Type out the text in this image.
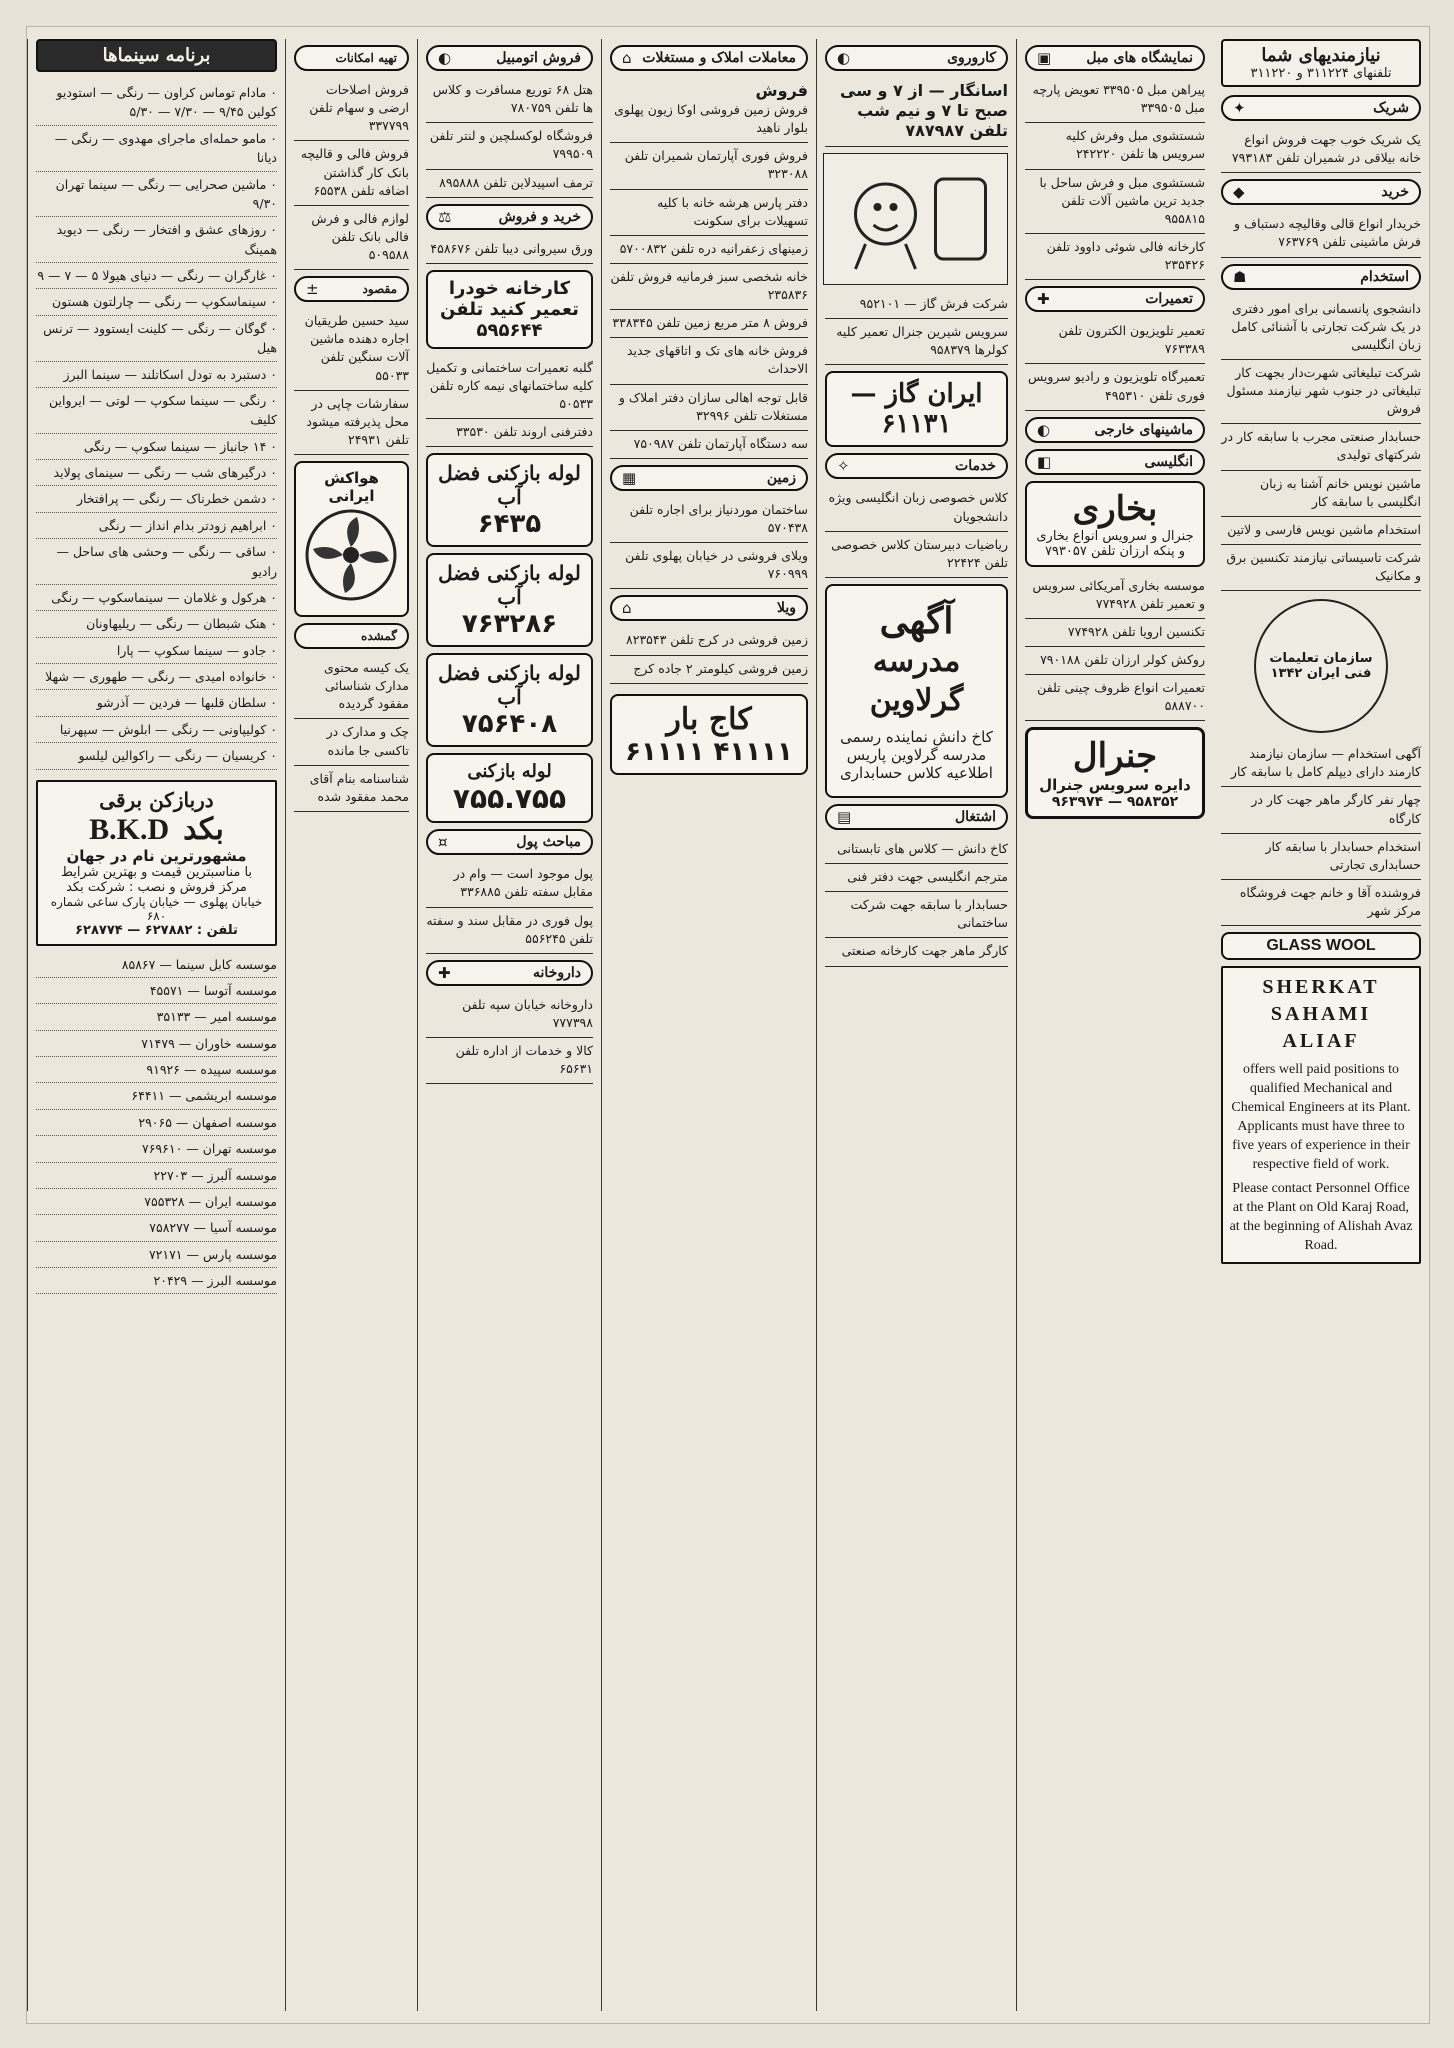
نیازمندیهای شما
تلفنهای ۳۱۱۲۲۴ و ۳۱۱۲۲۰
شریک
✦
یک شریک خوب جهت فروش انواع خانه بیلاقی در شمیران تلفن ۷۹۳۱۸۳
خرید
◆
خریدار انواع قالی وقالیچه دستباف و فرش ماشینی تلفن ۷۶۳۷۶۹
استخدام
☗
دانشجوی پانسمانی برای امور دفتری در یک شرکت تجارتی با آشنائی کامل زبان انگلیسی
شرکت تبلیغاتی شهرت‌دار بجهت کار تبلیغاتی در جنوب شهر نیازمند مسئول فروش
حسابدار صنعتی مجرب با سابقه کار در شرکتهای تولیدی
ماشین نویس خانم آشنا به زبان انگلیسی با سابقه کار
استخدام ماشین نویس فارسی و لاتین
شرکت تاسیساتی نیازمند تکنسین برق و مکانیک
سازمان تعلیمات فنی ایران ۱۳۴۲
آگهی استخدام — سازمان نیازمند کارمند دارای دیپلم کامل با سابقه کار
چهار نفر کارگر ماهر جهت کار در کارگاه
استخدام حسابدار با سابقه کار حسابداری تجارتی
فروشنده آقا و خانم جهت فروشگاه مرکز شهر
GLASS WOOL
SHERKAT
SAHAMI
ALIAF
offers well paid positions to qualified Mechanical and Chemical Engineers at its Plant. Applicants must have three to five years of experience in their respective field of work.
Please contact Personnel Office at the Plant on Old Karaj Road, at the beginning of Alishah Avaz Road.
نمایشگاه های مبل
▣
پیراهن مبل ۳۳۹۵۰۵ تعویض پارچه مبل ۳۳۹۵۰۵
شستشوی مبل وفرش کلیه سرویس ها تلفن ۲۴۲۲۲۰
شستشوی مبل و فرش ساحل با جدید ترین ماشین آلات تلفن ۹۵۵۸۱۵
کارخانه فالی شوئی داوود تلفن ۲۳۵۴۲۶
تعمیرات
✚
تعمیر تلویزیون الکترون تلفن ۷۶۳۳۸۹
تعمیرگاه تلویزیون و رادیو سرویس فوری تلفن ۴۹۵۳۱۰
ماشینهای خارجی
◐
انگلیسی
◧
بخاری
جنرال و سرویس انواع بخاری و پنکه ارزان تلفن ۷۹۳۰۵۷
موسسه بخاری آمریکائی سرویس و تعمیر تلفن ۷۷۴۹۲۸
تکنسین ارویا تلفن ۷۷۴۹۲۸
روکش کولر ارزان تلفن ۷۹۰۱۸۸
تعمیرات انواع ظروف چینی تلفن ۵۸۸۷۰۰
جنرال
دایره سرویس جنرال
۹۵۸۳۵۲ — ۹۶۳۹۷۴
کاروروی
◐
اسانگار — از ۷ و سی صبح تا ۷ و نیم شب تلفن ۷۸۷۹۸۷
شرکت فرش گاز — ۹۵۲۱۰۱
سرویس شیرین جنرال تعمیر کلیه کولرها ۹۵۸۳۷۹
ایران گاز — ۶۱۱۳۱
خدمات
✧
کلاس خصوصی زبان انگلیسی ویژه دانشجویان
ریاضیات دبیرستان کلاس خصوصی تلفن ۲۲۴۲۴
آگهی
مدرسه گرلاوین
کاخ دانش نماینده رسمی مدرسه گرلاوین پاریس اطلاعیه کلاس حسابداری
اشتغال
▤
کاخ دانش — کلاس های تابستانی
مترجم انگلیسی جهت دفتر فنی
حسابدار با سابقه جهت شرکت ساختمانی
کارگر ماهر جهت کارخانه صنعتی
معاملات املاک و مستغلات
⌂
فروش
فروش زمین فروشی اوکا زیون پهلوی بلوار ناهید
فروش فوری آپارتمان شمیران تلفن ۳۲۳۰۸۸
دفتر پارس هرشه خانه با کلیه تسهیلات برای سکونت
زمینهای زعفرانیه دره تلفن ۵۷۰۰۸۳۲
خانه شخصی سبز فرمانیه فروش تلفن ۲۳۵۸۳۶
فروش ۸ متر مربع زمین تلفن ۳۳۸۳۴۵
فروش خانه های تک و اتاقهای جدید الاحداث
قابل توجه اهالی سازان دفتر املاک و مستغلات تلفن ۳۲۹۹۶
سه دستگاه آپارتمان تلفن ۷۵۰۹۸۷
زمین
▦
ساختمان موردنیاز برای اجاره تلفن ۵۷۰۴۳۸
ویلای فروشی در خیابان پهلوی تلفن ۷۶۰۹۹۹
ویلا
⌂
زمین فروشی در کرج تلفن ۸۲۳۵۴۳
زمین فروشی کیلومتر ۲ جاده کرج
کاج بار
۴۱۱۱۱ ۶۱۱۱۱
فروش اتومبیل
◐
هتل ۶۸ توریع مسافرت و کلاس ها تلفن ۷۸۰۷۵۹
فروشگاه لوکسلچین و لنتر تلفن ۷۹۹۵۰۹
ترمف اسپیدلاین تلفن ۸۹۵۸۸۸
خرید و فروش
⚖
ورق سیروانی دیبا تلفن ۴۵۸۶۷۶
کارخانه خودرا تعمیر کنید تلفن ۵۹۵۶۴۴
گلبه تعمیرات ساختمانی و تکمیل کلیه ساختمانهای نیمه کاره تلفن ۵۰۵۳۳
دفترفنی اروند تلفن ۳۳۵۳۰
لوله بازکنی فضل آب
۶۴۳۵
لوله بازکنی فضل آب
۷۶۳۲۸۶
لوله بازکنی فضل آب
۷۵۶۴۰۸
لوله بازکنی
۷۵۵.۷۵۵
مباحث پول
¤
پول موجود است — وام در مقابل سفته تلفن ۳۳۶۸۸۵
پول فوری در مقابل سند و سفته تلفن ۵۵۶۲۴۵
داروخانه
✚
داروخانه خیابان سپه تلفن ۷۷۷۳۹۸
کالا و خدمات از اداره تلفن ۶۵۶۳۱
تهیه امکانات
فروش اصلاحات ارضی و سهام تلفن ۳۳۷۷۹۹
فروش فالی و قالیچه بانک کار گذاشتن اضافه تلفن ۶۵۵۳۸
لوازم فالی و فرش فالی بانک تلفن ۵۰۹۵۸۸
مقصود
±
سید حسین طریقیان اجاره دهنده ماشین آلات سنگین تلفن ۵۵۰۳۳
سفارشات چاپی در محل پذیرفته میشود تلفن ۲۴۹۳۱
هواکش ایرانی
گمشده
یک کیسه محتوی مدارک شناسائی مفقود گردیده
چک و مدارک در تاکسی جا مانده
شناسنامه بنام آقای محمد مفقود شده
برنامه سینماها
۰ مادام توماس کراون — رنگی — استودیو کولین ۹/۴۵ — ۷/۳۰ — ۵/۳۰
۰ مامو حمله‌ای ماجرای مهدوی — رنگی — دیانا
۰ ماشین صحرایی — رنگی — سینما تهران ۹/۳۰
۰ روزهای عشق و افتخار — رنگی — دیوید همینگ
۰ غارگران — رنگی — دنیای هیولا ۵ — ۷ — ۹
۰ سینماسکوپ — رنگی — چارلتون هستون
۰ گوگان — رنگی — کلینت ایستوود — ترنس هیل
۰ دستبرد به تودل اسکاتلند — سینما البرز
۰ رنگی — سینما سکوپ — لوتی — ایرواین کلیف
۰ ۱۴ جانباز — سینما سکوپ — رنگی
۰ درگیرهای شب — رنگی — سینمای پولاید
۰ دشمن خطرناک — رنگی — پرافتخار
۰ ابراهیم زودتر بدام انداز — رنگی
۰ ساقی — رنگی — وحشی های ساحل — رادیو
۰ هرکول و غلامان — سینماسکوپ — رنگی
۰ هنک شبطان — رنگی — ریلیهاونان
۰ جادو — سینما سکوپ — پارا
۰ خانواده امیدی — رنگی — طهوری — شهلا
۰ سلطان قلبها — فردین — آذرشو
۰ کولیپاونی — رنگی — ابلوش — سپهرنیا
۰ کریسیان — رنگی — راکوالین لیلسو
دربازکن برقی
بکد
B.K.D
مشهورترین نام در جهان
با مناسبترین قیمت و بهترین شرایط
مرکز فروش و نصب : شرکت بکد
خیابان پهلوی — خیابان پارک ساعی شماره ۶۸۰
تلفن : ۶۲۷۸۸۲ — ۶۲۸۷۷۴
موسسه کابل سینما — ۸۵۸۶۷
موسسه آتوسا — ۴۵۵۷۱
موسسه امیر — ۳۵۱۳۳
موسسه خاوران — ۷۱۴۷۹
موسسه سپیده — ۹۱۹۲۶
موسسه ابریشمی — ۶۴۴۱۱
موسسه اصفهان — ۲۹۰۶۵
موسسه تهران — ۷۶۹۶۱۰
موسسه آلبرز — ۲۲۷۰۳
موسسه ایران — ۷۵۵۳۲۸
موسسه آسیا — ۷۵۸۲۷۷
موسسه پارس — ۷۲۱۷۱
موسسه البرز — ۲۰۴۲۹
